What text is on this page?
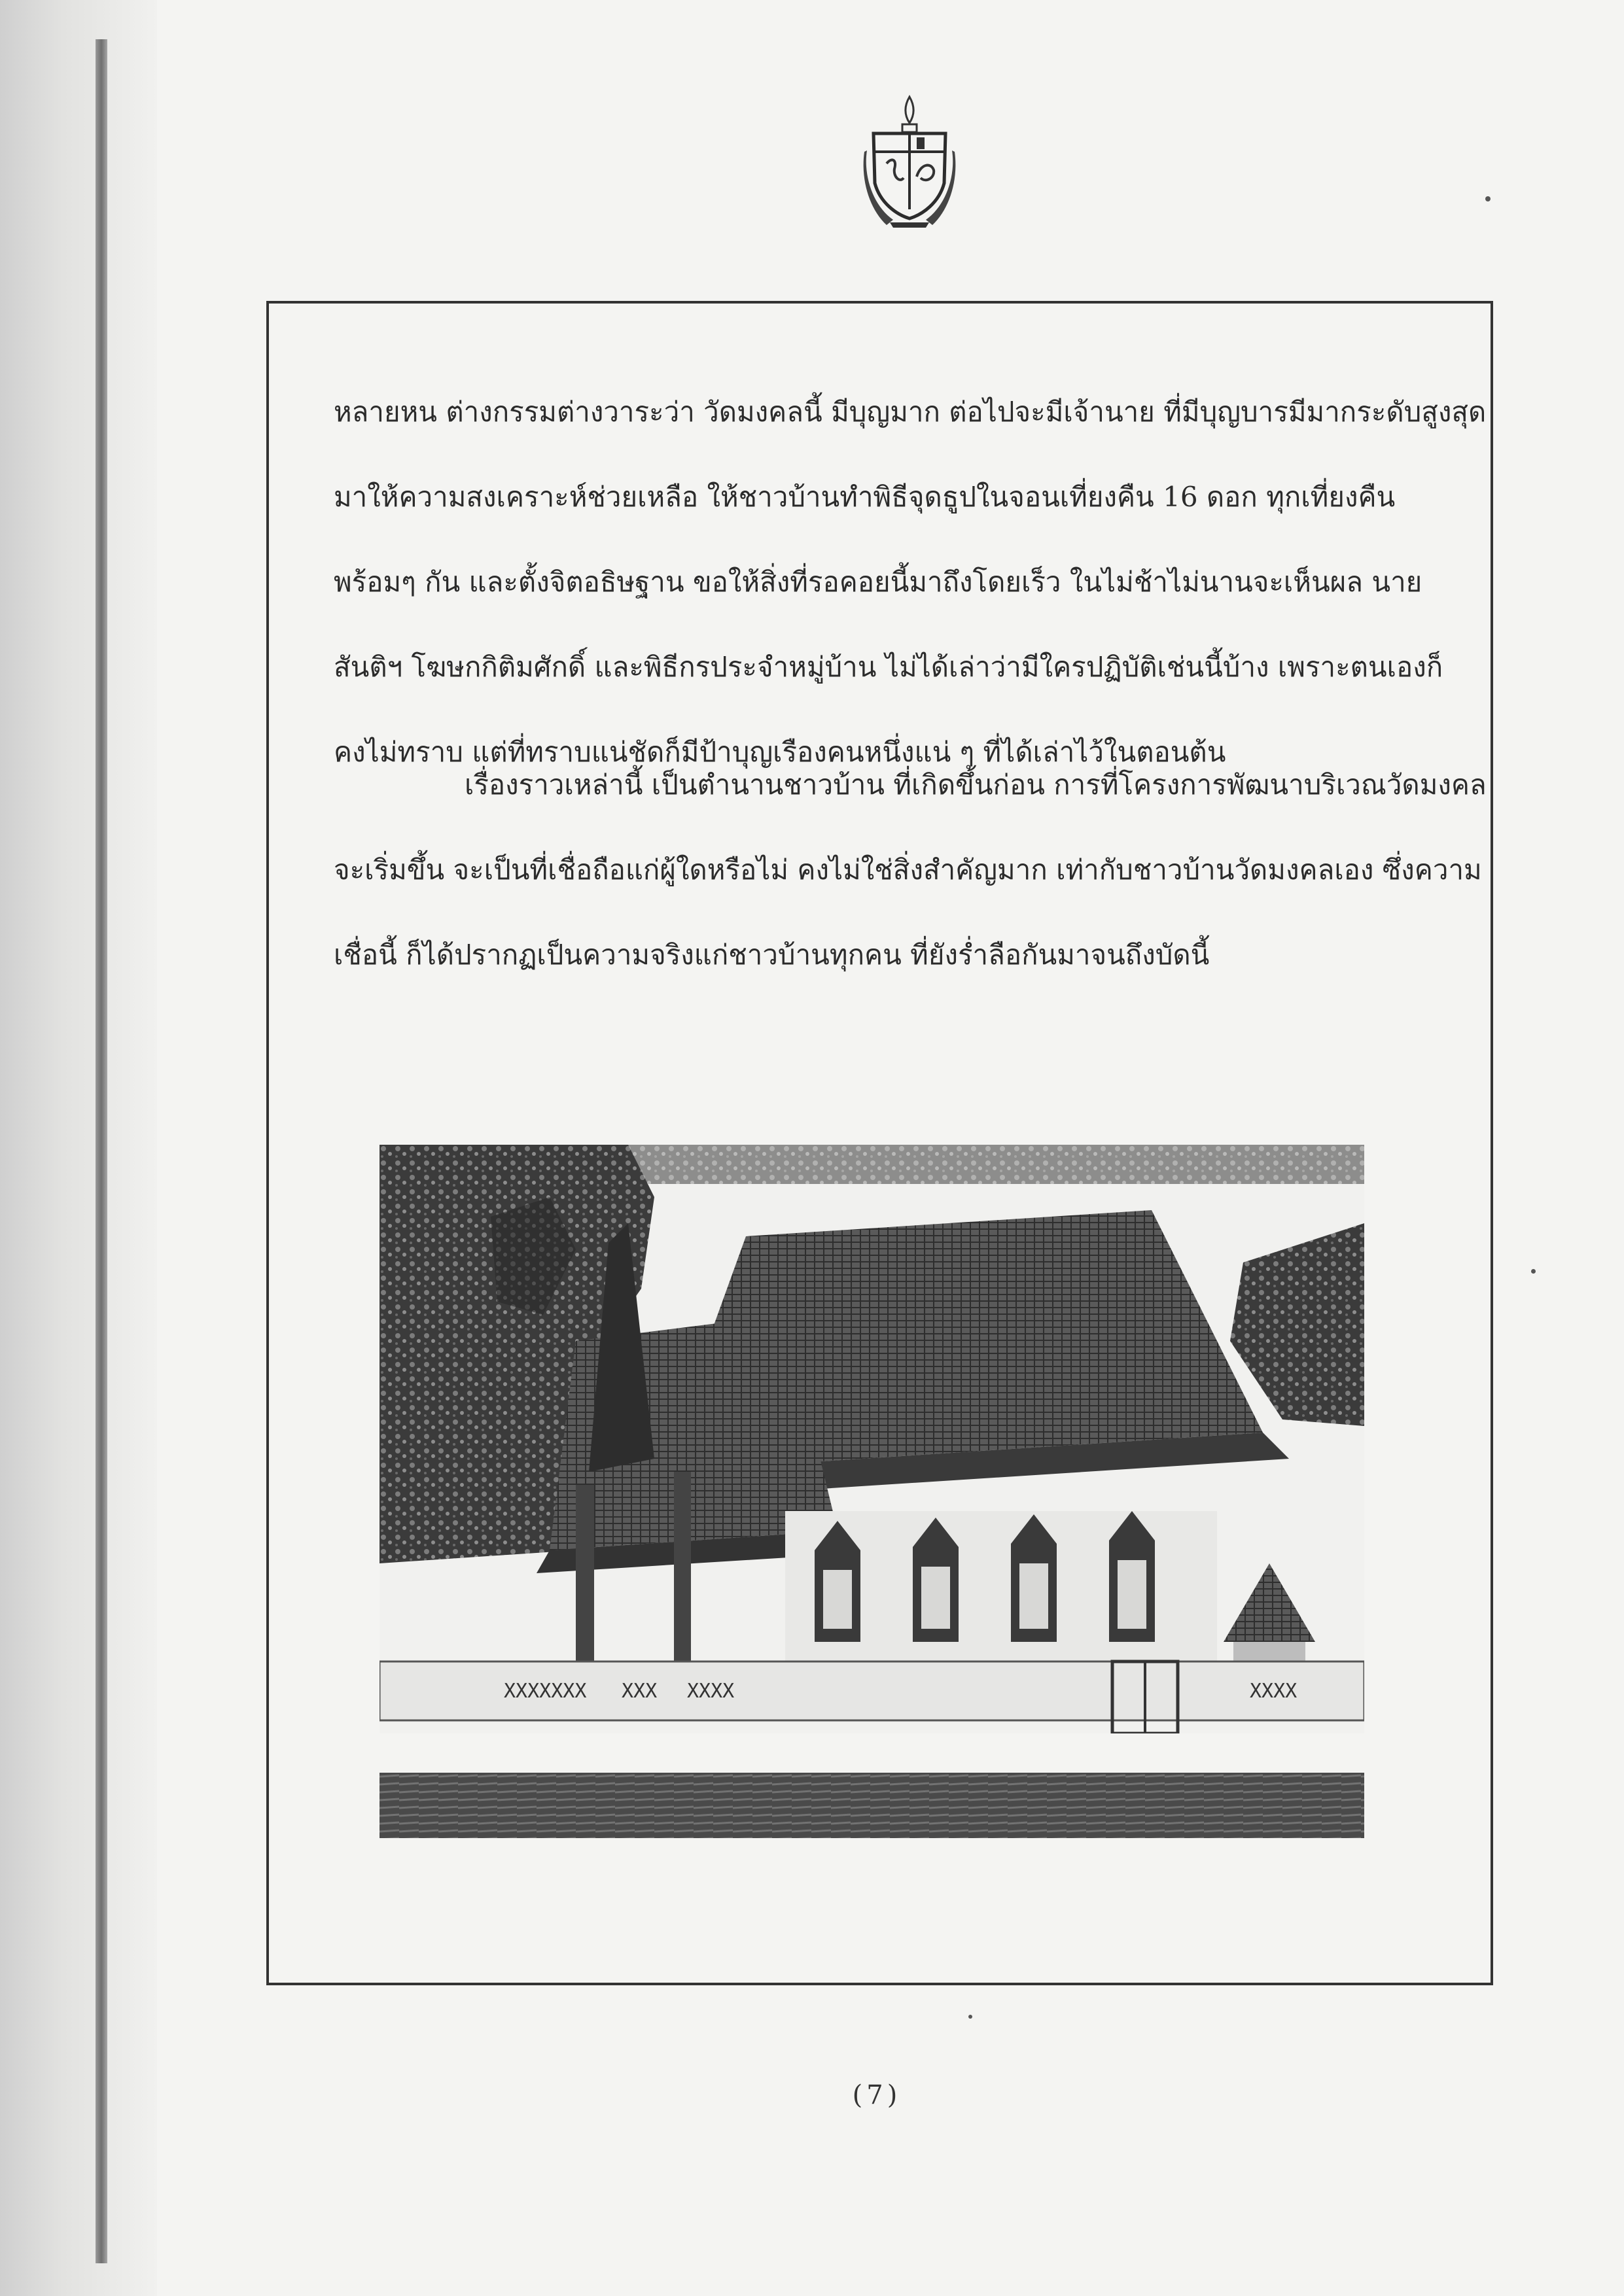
หลายหน ต่างกรรมต่างวาระว่า วัดมงคลนี้ มีบุญมาก ต่อไปจะมีเจ้านาย ที่มีบุญบารมีมากระดับสูงสุด
มาให้ความสงเคราะห์ช่วยเหลือ ให้ชาวบ้านทำพิธีจุดธูปในจอนเที่ยงคืน 16 ดอก ทุกเที่ยงคืน
พร้อมๆ กัน และตั้งจิตอธิษฐาน ขอให้สิ่งที่รอคอยนี้มาถึงโดยเร็ว ในไม่ช้าไม่นานจะเห็นผล นาย
สันติฯ โฆษกกิติมศักดิ์ และพิธีกรประจำหมู่บ้าน ไม่ได้เล่าว่ามีใครปฏิบัติเช่นนี้บ้าง เพราะตนเองก็
คงไม่ทราบ แต่ที่ทราบแน่ชัดก็มีป้าบุญเรืองคนหนึ่งแน่ ๆ ที่ได้เล่าไว้ในตอนต้น
เรื่องราวเหล่านี้ เป็นตำนานชาวบ้าน ที่เกิดขึ้นก่อน การที่โครงการพัฒนาบริเวณวัดมงคล
จะเริ่มขึ้น จะเป็นที่เชื่อถือแก่ผู้ใดหรือไม่ คงไม่ใช่สิ่งสำคัญมาก เท่ากับชาวบ้านวัดมงคลเอง ซึ่งความ
เชื่อนี้ ก็ได้ปรากฏเป็นความจริงแก่ชาวบ้านทุกคน ที่ยังร่ำลือกันมาจนถึงบัดนี้
XXXXXXX XXX XXXX	XXXX
(7)
